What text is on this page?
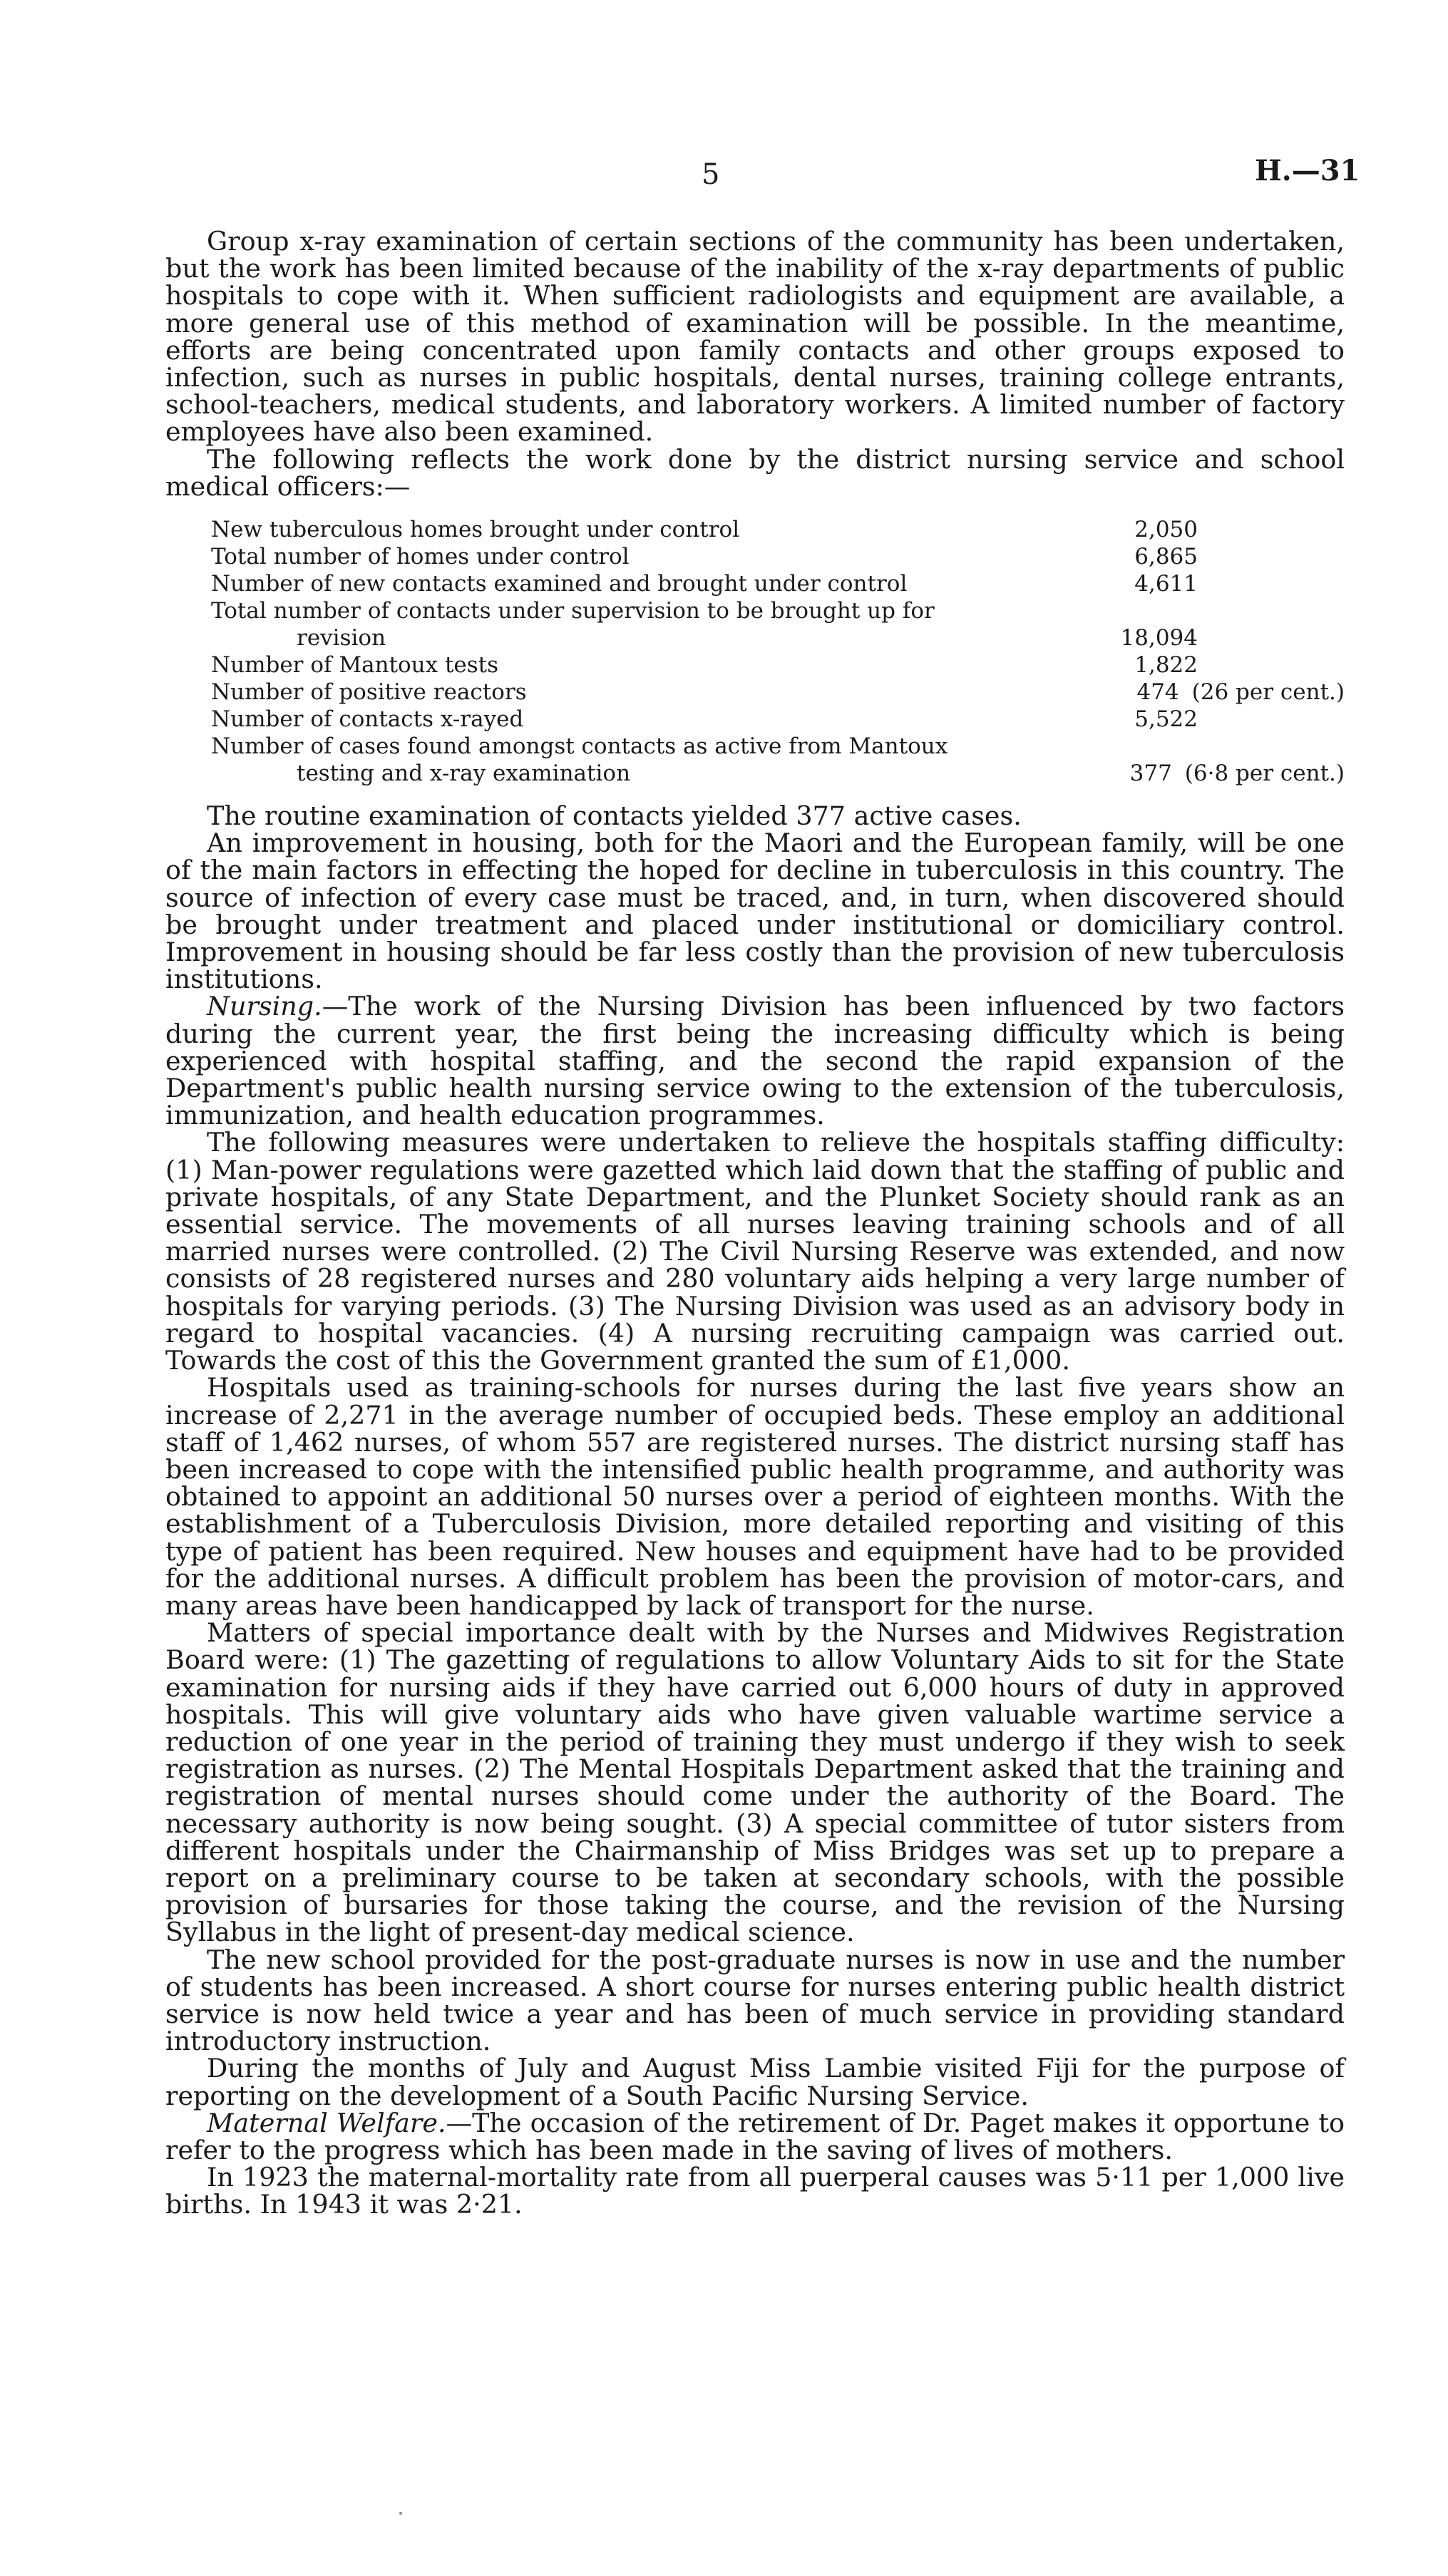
5	H.—31

Group x-ray examination of certain sections of the community has been undertaken, but the work has been limited because of the inability of the x-ray departments of public hospitals to cope with it. When sufficient radiologists and equipment are available, a more general use of this method of examination will be possible. In the meantime, efforts are being concentrated upon family contacts and other groups exposed to infection, such as nurses in public hospitals, dental nurses, training college entrants, school-teachers, medical students, and laboratory workers. A limited number of factory employees have also been examined.

The following reflects the work done by the district nursing service and school medical officers:—

New tuberculous homes brought under control	2,050
Total number of homes under control	6,865
Number of new contacts examined and brought under control	4,611
Total number of contacts under supervision to be brought up for
revision	18,094
Number of Mantoux tests	1,822
Number of positive reactors	474 (26 per cent.)
Number of contacts x-rayed	5,522
Number of cases found amongst contacts as active from Mantoux
testing and x-ray examination	377 (6·8 per cent.)

The routine examination of contacts yielded 377 active cases.

An improvement in housing, both for the Maori and the European family, will be one of the main factors in effecting the hoped for decline in tuberculosis in this country. The source of infection of every case must be traced, and, in turn, when discovered should be brought under treatment and placed under institutional or domiciliary control. Improvement in housing should be far less costly than the provision of new tuberculosis institutions.

Nursing.—The work of the Nursing Division has been influenced by two factors during the current year, the first being the increasing difficulty which is being experienced with hospital staffing, and the second the rapid expansion of the Department's public health nursing service owing to the extension of the tuberculosis, immunization, and health education programmes.

The following measures were undertaken to relieve the hospitals staffing difficulty: (1) Man-power regulations were gazetted which laid down that the staffing of public and private hospitals, of any State Department, and the Plunket Society should rank as an essential service. The movements of all nurses leaving training schools and of all married nurses were controlled. (2) The Civil Nursing Reserve was extended, and now consists of 28 registered nurses and 280 voluntary aids helping a very large number of hospitals for varying periods. (3) The Nursing Division was used as an advisory body in regard to hospital vacancies. (4) A nursing recruiting campaign was carried out. Towards the cost of this the Government granted the sum of £1,000.

Hospitals used as training-schools for nurses during the last five years show an increase of 2,271 in the average number of occupied beds. These employ an additional staff of 1,462 nurses, of whom 557 are registered nurses. The district nursing staff has been increased to cope with the intensified public health programme, and authority was obtained to appoint an additional 50 nurses over a period of eighteen months. With the establishment of a Tuberculosis Division, more detailed reporting and visiting of this type of patient has been required. New houses and equipment have had to be provided for the additional nurses. A difficult problem has been the provision of motor-cars, and many areas have been handicapped by lack of transport for the nurse.

Matters of special importance dealt with by the Nurses and Midwives Registration Board were: (1) The gazetting of regulations to allow Voluntary Aids to sit for the State examination for nursing aids if they have carried out 6,000 hours of duty in approved hospitals. This will give voluntary aids who have given valuable wartime service a reduction of one year in the period of training they must undergo if they wish to seek registration as nurses. (2) The Mental Hospitals Department asked that the training and registration of mental nurses should come under the authority of the Board. The necessary authority is now being sought. (3) A special committee of tutor sisters from different hospitals under the Chairmanship of Miss Bridges was set up to prepare a report on a preliminary course to be taken at secondary schools, with the possible provision of bursaries for those taking the course, and the revision of the Nursing Syllabus in the light of present-day medical science.

The new school provided for the post-graduate nurses is now in use and the number of students has been increased. A short course for nurses entering public health district service is now held twice a year and has been of much service in providing standard introductory instruction.

During the months of July and August Miss Lambie visited Fiji for the purpose of reporting on the development of a South Pacific Nursing Service.

Maternal Welfare.—The occasion of the retirement of Dr. Paget makes it opportune to refer to the progress which has been made in the saving of lives of mothers.

In 1923 the maternal-mortality rate from all puerperal causes was 5·11 per 1,000 live births. In 1943 it was 2·21.
